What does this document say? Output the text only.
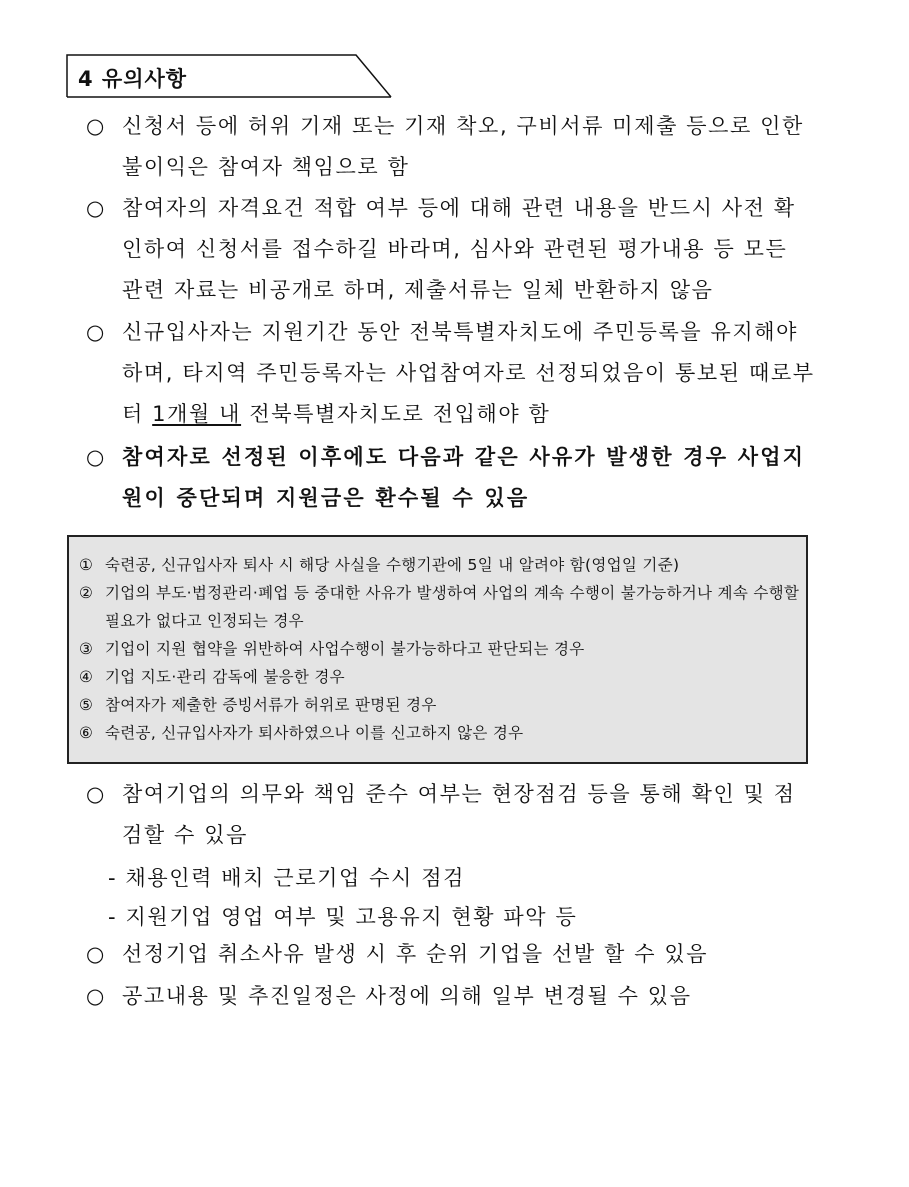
4 유의사항
○ 신청서 등에 허위 기재 또는 기재 착오, 구비서류 미제출 등으로 인한 불이익은 참여자 책임으로 함
○ 참여자의 자격요건 적합 여부 등에 대해 관련 내용을 반드시 사전 확인하여 신청서를 접수하길 바라며, 심사와 관련된 평가내용 등 모든 관련 자료는 비공개로 하며, 제출서류는 일체 반환하지 않음
○ 신규입사자는 지원기간 동안 전북특별자치도에 주민등록을 유지해야 하며, 타지역 주민등록자는 사업참여자로 선정되었음이 통보된 때로부터 1개월 내 전북특별자치도로 전입해야 함
○ 참여자로 선정된 이후에도 다음과 같은 사유가 발생한 경우 사업지원이 중단되며 지원금은 환수될 수 있음
① 숙련공, 신규입사자 퇴사 시 해당 사실을 수행기관에 5일 내 알려야 함(영업일 기준)
② 기업의 부도·법정관리·폐업 등 중대한 사유가 발생하여 사업의 계속 수행이 불가능하거나 계속 수행할 필요가 없다고 인정되는 경우
③ 기업이 지원 협약을 위반하여 사업수행이 불가능하다고 판단되는 경우
④ 기업 지도·관리 감독에 불응한 경우
⑤ 참여자가 제출한 증빙서류가 허위로 판명된 경우
⑥ 숙련공, 신규입사자가 퇴사하였으나 이를 신고하지 않은 경우
○ 참여기업의 의무와 책임 준수 여부는 현장점검 등을 통해 확인 및 점검할 수 있음
- 채용인력 배치 근로기업 수시 점검
- 지원기업 영업 여부 및 고용유지 현황 파악 등
○ 선정기업 취소사유 발생 시 후 순위 기업을 선발 할 수 있음
○ 공고내용 및 추진일정은 사정에 의해 일부 변경될 수 있음
